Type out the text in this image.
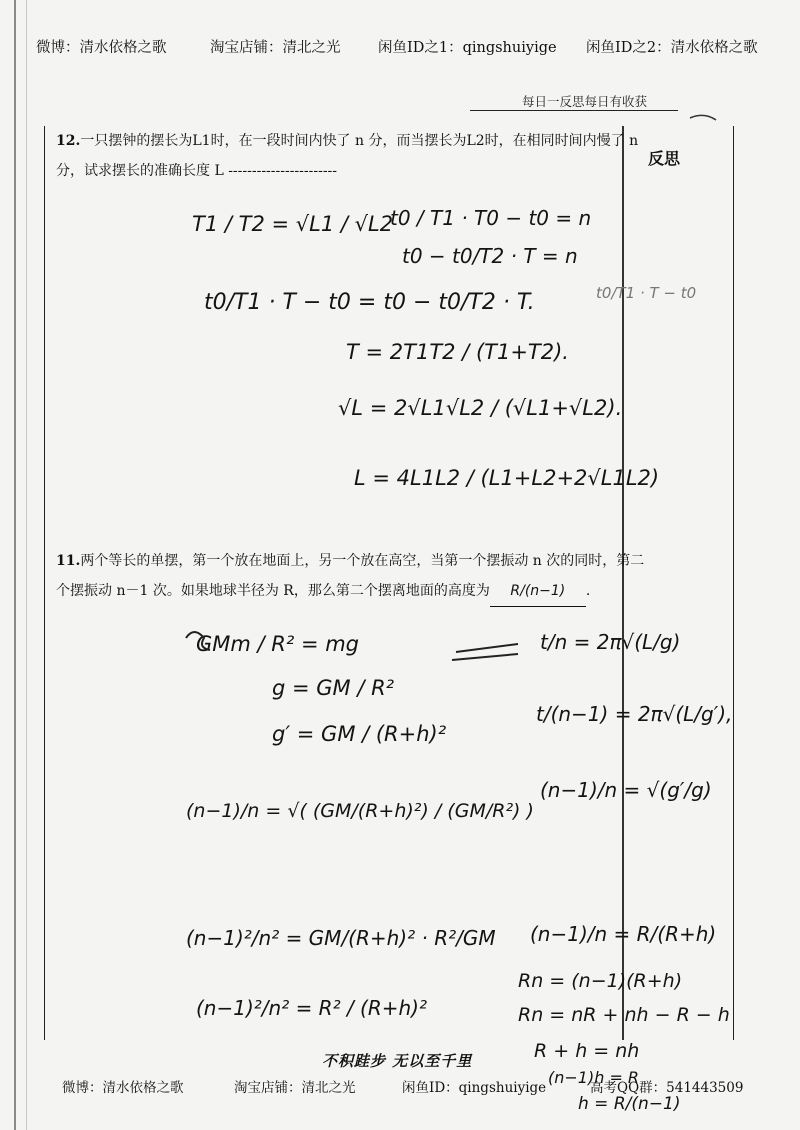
微博：清水依格之歌	淘宝店铺：清北之光	闲鱼ID之1：qingshuiyige 闲鱼ID之2：清水依格之歌
每日一反思每日有收获
反思
12.一只摆钟的摆长为L1时，在一段时间内快了 n 分，而当摆长为L2时，在相同时间内慢了 n
分，试求摆长的准确长度 L -----------------------
T1 / T2 = √L1 / √L2
t0 / T1 · T0 − t0 = n
t0 − t0/T2 · T = n
t0/T1 · T − t0 = t0 − t0/T2 · T.
T = 2T1T2 / (T1+T2).
√L = 2√L1√L2 / (√L1+√L2).
L = 4L1L2 / (L1+L2+2√L1L2)
t0/T1 · T − t0
11.两个等长的单摆，第一个放在地面上，另一个放在高空，当第一个摆振动 n 次的同时，第二
个摆振动 n－1 次。如果地球半径为 R，那么第二个摆离地面的高度为 R/(n−1) .
GMm / R² = mg
g = GM / R²
g′ = GM / (R+h)²
(n−1)/n = √( (GM/(R+h)²) / (GM/R²) )
(n−1)²/n² = GM/(R+h)² · R²/GM
(n−1)²/n² = R² / (R+h)²
t/n = 2π√(L/g)
t/(n−1) = 2π√(L/g′),
(n−1)/n = √(g′/g)
(n−1)/n = R/(R+h)
Rn = (n−1)(R+h)
Rn = nR + nh − R − h
R + h = nh
(n−1)h = R
h = R/(n−1)
不积跬步 无以至千里
微博：清水依格之歌	淘宝店铺：清北之光	闲鱼ID：qingshuiyige	高考QQ群：541443509
